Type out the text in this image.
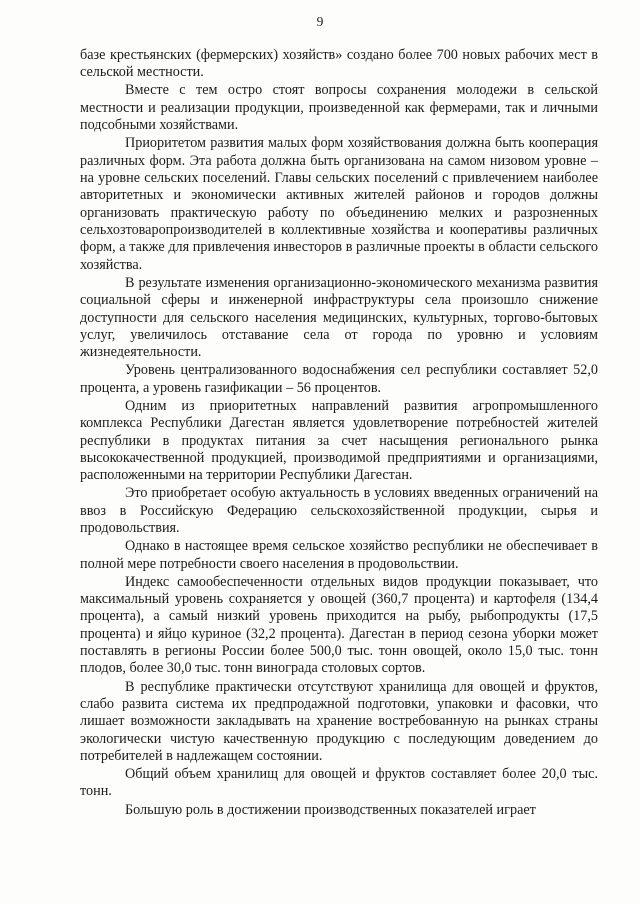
9

базе крестьянских (фермерских) хозяйств» создано более 700 новых рабочих мест в сельской местности.

Вместе с тем остро стоят вопросы сохранения молодежи в сельской местности и реализации продукции, произведенной как фермерами, так и личными подсобными хозяйствами.

Приоритетом развития малых форм хозяйствования должна быть кооперация различных форм. Эта работа должна быть организована на самом низовом уровне – на уровне сельских поселений. Главы сельских поселений с привлечением наиболее авторитетных и экономически активных жителей районов и городов должны организовать практическую работу по объединению мелких и разрозненных сельхозтоваропроизводителей в коллективные хозяйства и кооперативы различных форм, а также для привлечения инвесторов в различные проекты в области сельского хозяйства.

В результате изменения организационно-экономического механизма развития социальной сферы и инженерной инфраструктуры села произошло снижение доступности для сельского населения медицинских, культурных, торгово-бытовых услуг, увеличилось отставание села от города по уровню и условиям жизнедеятельности.

Уровень централизованного водоснабжения сел республики составляет 52,0 процента, а уровень газификации – 56 процентов.

Одним из приоритетных направлений развития агропромышленного комплекса Республики Дагестан является удовлетворение потребностей жителей республики в продуктах питания за счет насыщения регионального рынка высококачественной продукцией, производимой предприятиями и организациями, расположенными на территории Республики Дагестан.

Это приобретает особую актуальность в условиях введенных ограничений на ввоз в Российскую Федерацию сельскохозяйственной продукции, сырья и продовольствия.

Однако в настоящее время сельское хозяйство республики не обеспечивает в полной мере потребности своего населения в продовольствии.

Индекс самообеспеченности отдельных видов продукции показывает, что максимальный уровень сохраняется у овощей (360,7 процента) и картофеля (134,4 процента), а самый низкий уровень приходится на рыбу, рыбопродукты (17,5 процента) и яйцо куриное (32,2 процента). Дагестан в период сезона уборки может поставлять в регионы России более 500,0 тыс. тонн овощей, около 15,0 тыс. тонн плодов, более 30,0 тыс. тонн винограда столовых сортов.

В республике практически отсутствуют хранилища для овощей и фруктов, слабо развита система их предпродажной подготовки, упаковки и фасовки, что лишает возможности закладывать на хранение востребованную на рынках страны экологически чистую качественную продукцию с последующим доведением до потребителей в надлежащем состоянии.

Общий объем хранилищ для овощей и фруктов составляет более 20,0 тыс. тонн.

Большую роль в достижении производственных показателей играет
